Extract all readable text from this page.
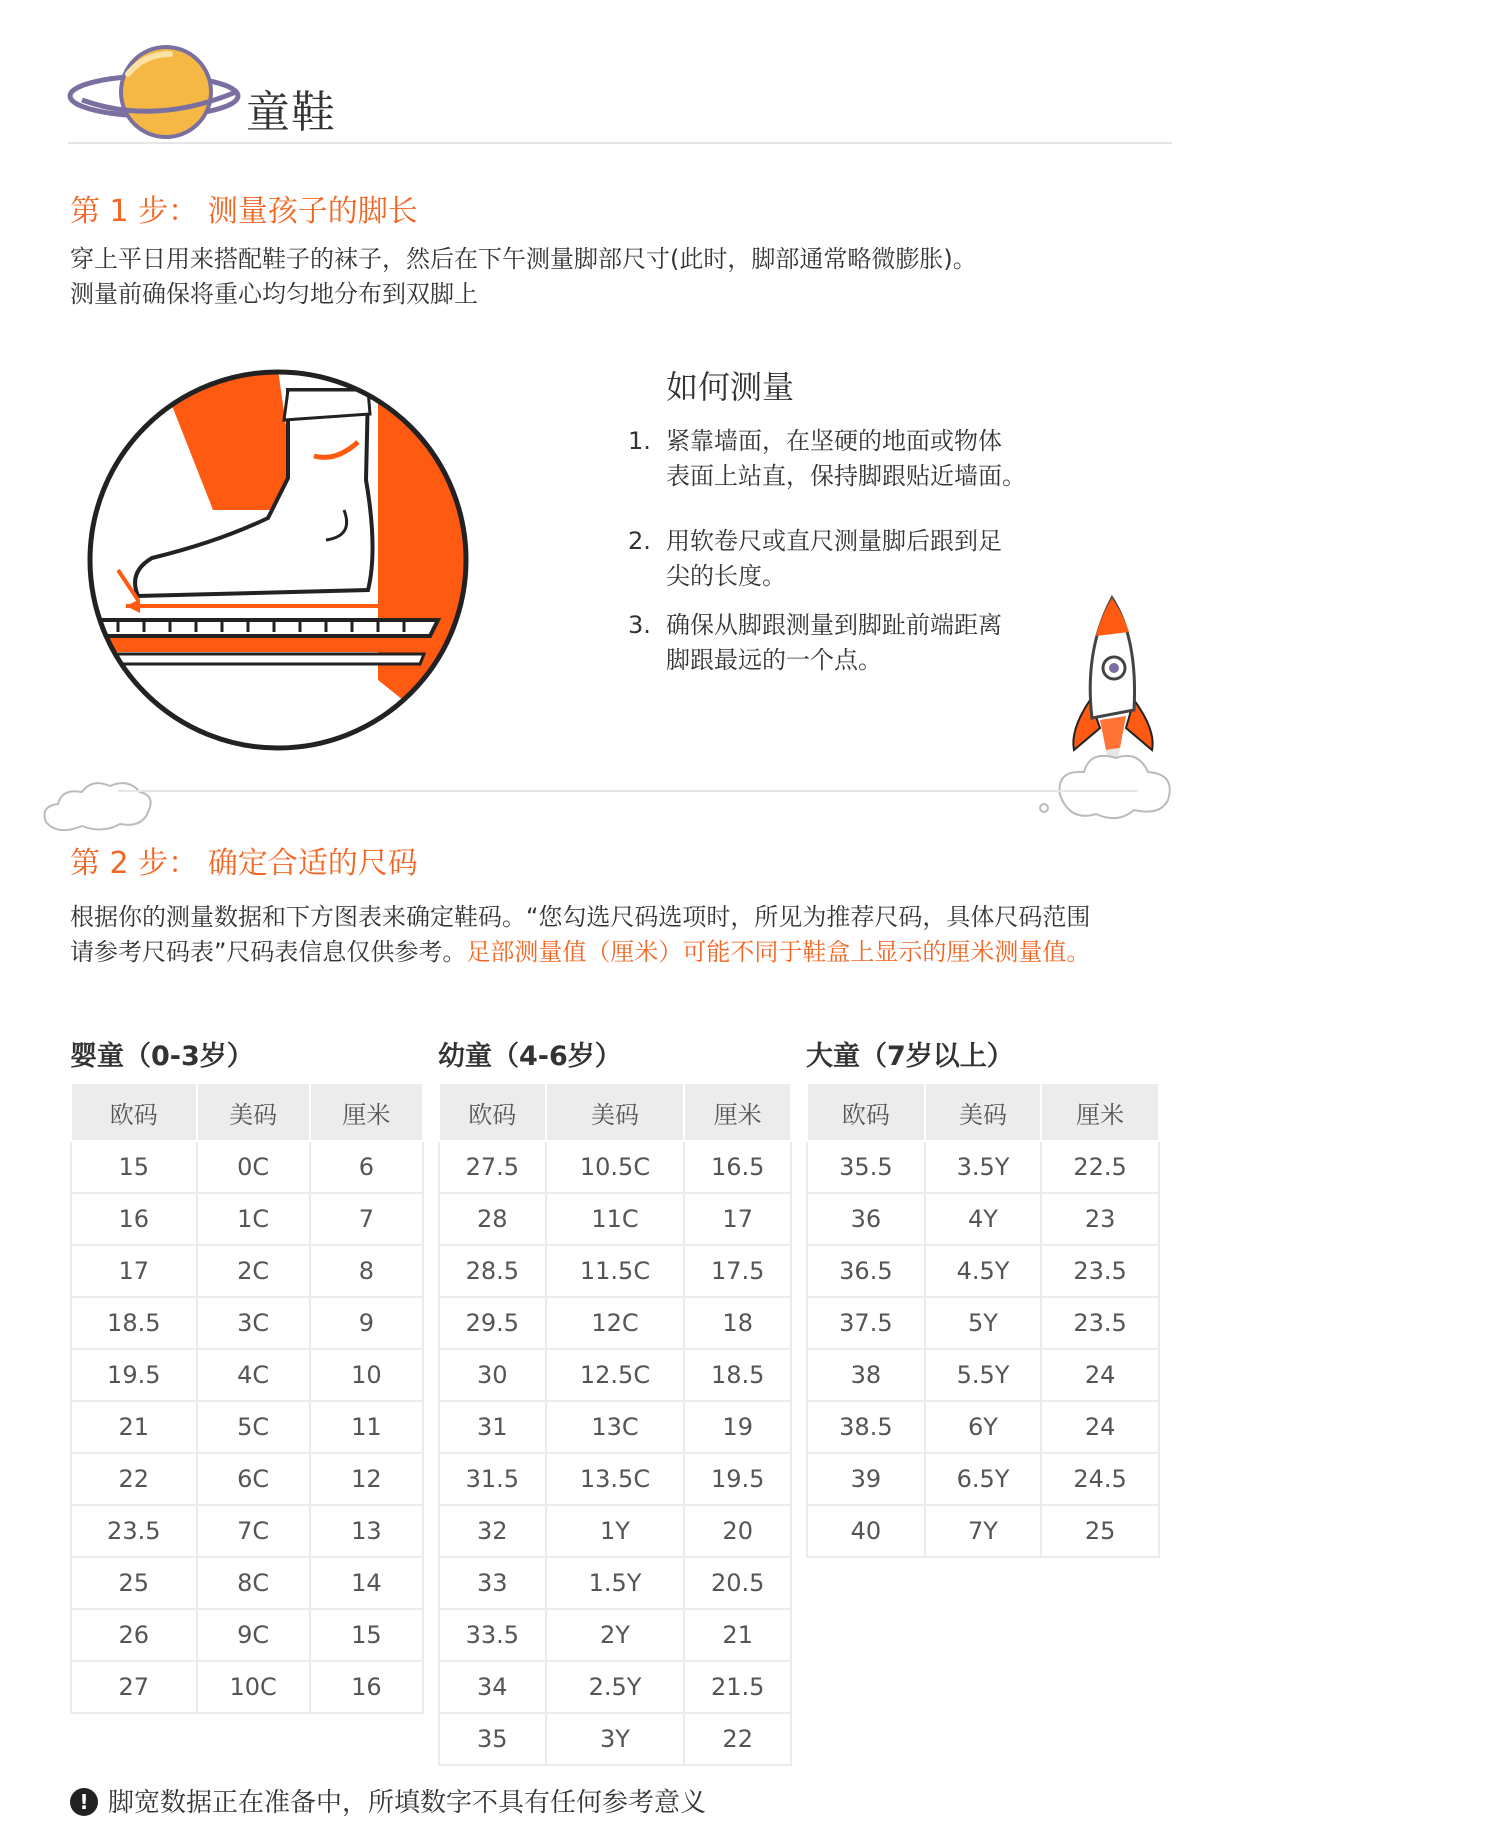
童鞋
第 1 步： 测量孩子的脚长
穿上平日用来搭配鞋子的袜子，然后在下午测量脚部尺寸(此时，脚部通常略微膨胀)。
测量前确保将重心均匀地分布到双脚上
如何测量
1. 紧靠墙面，在坚硬的地面或物体
表面上站直，保持脚跟贴近墙面。
2. 用软卷尺或直尺测量脚后跟到足
尖的长度。
3. 确保从脚跟测量到脚趾前端距离
脚跟最远的一个点。
第 2 步： 确定合适的尺码
根据你的测量数据和下方图表来确定鞋码。“您勾选尺码选项时，所见为推荐尺码，具体尺码范围
请参考尺码表”尺码表信息仅供参考。足部测量值（厘米）可能不同于鞋盒上显示的厘米测量值。
婴童（0-3岁）	幼童（4-6岁）	大童（7岁以上）
欧码	美码	厘米
15	0C	6
16	1C	7
17	2C	8
18.5	3C	9
19.5	4C	10
21	5C	11
22	6C	12
23.5	7C	13
25	8C	14
26	9C	15
27	10C	16
欧码	美码	厘米
27.5	10.5C	16.5
28	11C	17
28.5	11.5C	17.5
29.5	12C	18
30	12.5C	18.5
31	13C	19
31.5	13.5C	19.5
32	1Y	20
33	1.5Y	20.5
33.5	2Y	21
34	2.5Y	21.5
35	3Y	22
欧码	美码	厘米
35.5	3.5Y	22.5
36	4Y	23
36.5	4.5Y	23.5
37.5	5Y	23.5
38	5.5Y	24
38.5	6Y	24
39	6.5Y	24.5
40	7Y	25
! 脚宽数据正在准备中，所填数字不具有任何参考意义
